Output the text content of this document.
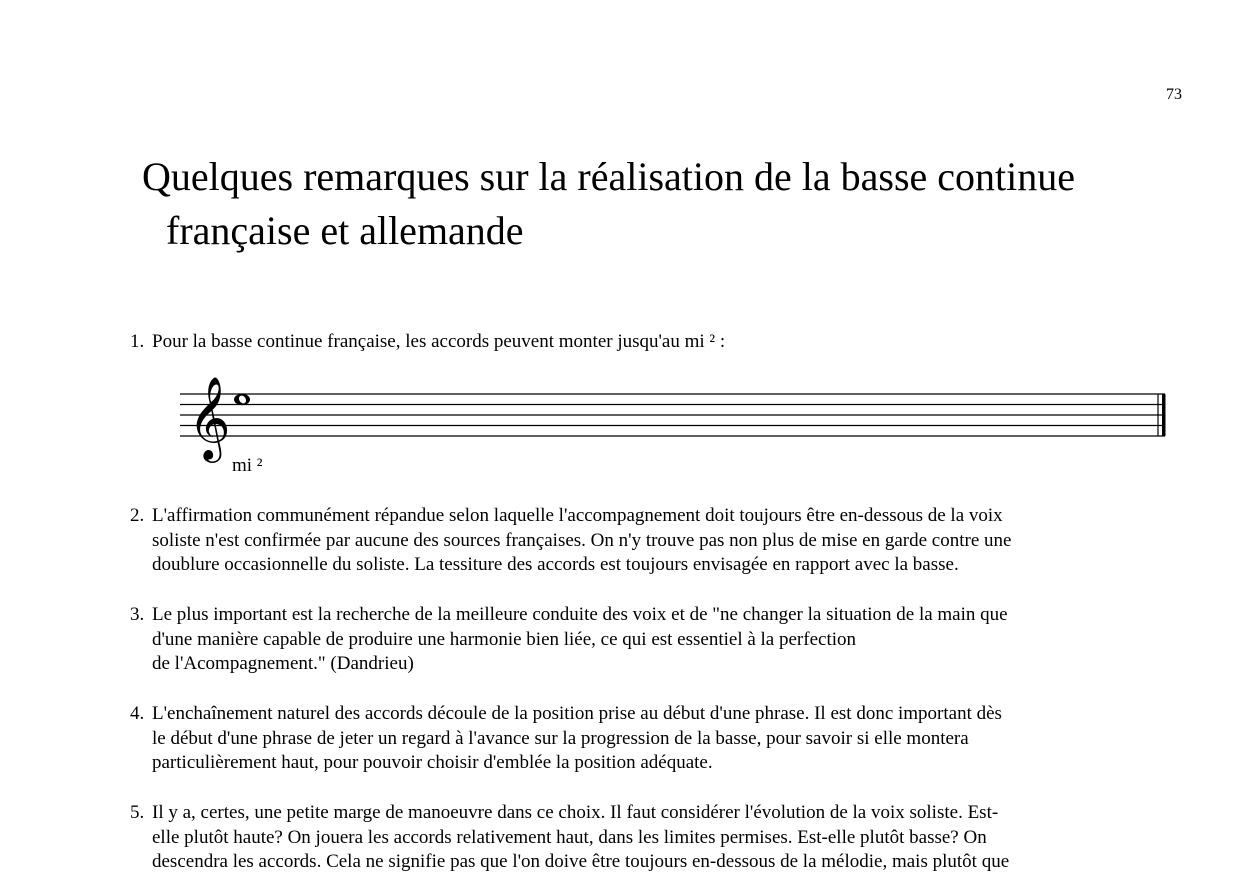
73
Quelques remarques sur la réalisation de la basse continue
française et allemande
1. Pour la basse continue française, les accords peuvent monter jusqu'au mi ² :
𝄞
mi ²
2. L'affirmation communément répandue selon laquelle l'accompagnement doit toujours être en-dessous de la voix
soliste n'est confirmée par aucune des sources françaises. On n'y trouve pas non plus de mise en garde contre une
doublure occasionnelle du soliste. La tessiture des accords est toujours envisagée en rapport avec la basse.
3. Le plus important est la recherche de la meilleure conduite des voix et de "ne changer la situation de la main que
d'une manière capable de produire une harmonie bien liée, ce qui est essentiel à la perfection
de l'Acompagnement." (Dandrieu)
4. L'enchaînement naturel des accords découle de la position prise au début d'une phrase. Il est donc important dès
le début d'une phrase de jeter un regard à l'avance sur la progression de la basse, pour savoir si elle montera
particulièrement haut, pour pouvoir choisir d'emblée la position adéquate.
5. Il y a, certes, une petite marge de manoeuvre dans ce choix. Il faut considérer l'évolution de la voix soliste. Est-
elle plutôt haute? On jouera les accords relativement haut, dans les limites permises. Est-elle plutôt basse? On
descendra les accords. Cela ne signifie pas que l'on doive être toujours en-dessous de la mélodie, mais plutôt que
